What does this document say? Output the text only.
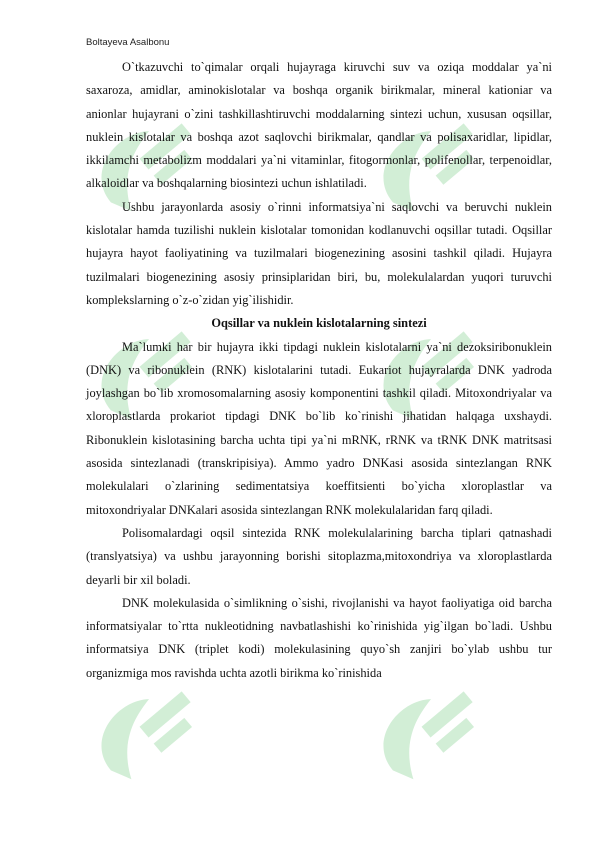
Boltayeva Asalbonu

O`tkazuvchi to`qimalar orqali hujayraga kiruvchi suv va oziqa moddalar ya`ni saxaroza, amidlar, aminokislotalar va boshqa organik birikmalar, mineral kationiar va anionlar hujayrani o`zini tashkillashtiruvchi moddalarning sintezi uchun, xususan oqsillar, nuklein kislotalar va boshqa azot saqlovchi birikmalar, qandlar va polisaxaridlar, lipidlar, ikkilamchi metabolizm moddalari ya`ni vitaminlar, fitogormonlar, polifenollar, terpenoidlar, alkaloidlar va boshqalarning biosintezi uchun ishlatiladi.

Ushbu jarayonlarda asosiy o`rinni informatsiya`ni saqlovchi va beruvchi nuklein kislotalar hamda tuzilishi nuklein kislotalar tomonidan kodlanuvchi oqsillar tutadi. Oqsillar hujayra hayot faoliyatining va tuzilmalari biogenezining asosini tashkil qiladi. Hujayra tuzilmalari biogenezining asosiy prinsiplaridan biri, bu, molekulalardan yuqori turuvchi komplekslarning o`z-o`zidan yig`ilishidir.

Oqsillar va nuklein kislotalarning sintezi

Ma`lumki har bir hujayra ikki tipdagi nuklein kislotalarni ya`ni dezoksiribonuklein (DNK) va ribonuklein (RNK) kislotalarini tutadi. Eukariot hujayralarda DNK yadroda joylashgan bo`lib xromosomalarning asosiy komponentini tashkil qiladi. Mitoxondriyalar va xloroplastlarda prokariot tipdagi DNK bo`lib ko`rinishi jihatidan halqaga uxshaydi. Ribonuklein kislotasining barcha uchta tipi ya`ni mRNK, rRNK va tRNK DNK matritsasi asosida sintezlanadi (transkripisiya). Ammo yadro DNKasi asosida sintezlangan RNK molekulalari o`zlarining sedimentatsiya koeffitsienti bo`yicha xloroplastlar va mitoxondriyalar DNKalari asosida sintezlangan RNK molekulalaridan farq qiladi.

Polisomalardagi oqsil sintezida RNK molekulalarining barcha tiplari qatnashadi (translyatsiya) va ushbu jarayonning borishi sitoplazma,mitoxondriya va xloroplastlarda deyarli bir xil boladi.

DNK molekulasida o`simlikning o`sishi, rivojlanishi va hayot faoliyatiga oid barcha informatsiyalar to`rtta nukleotidning navbatlashishi ko`rinishida yig`ilgan bo`ladi. Ushbu informatsiya DNK (triplet kodi) molekulasining quyo`sh zanjiri bo`ylab ushbu tur organizmiga mos ravishda uchta azotli birikma ko`rinishida
